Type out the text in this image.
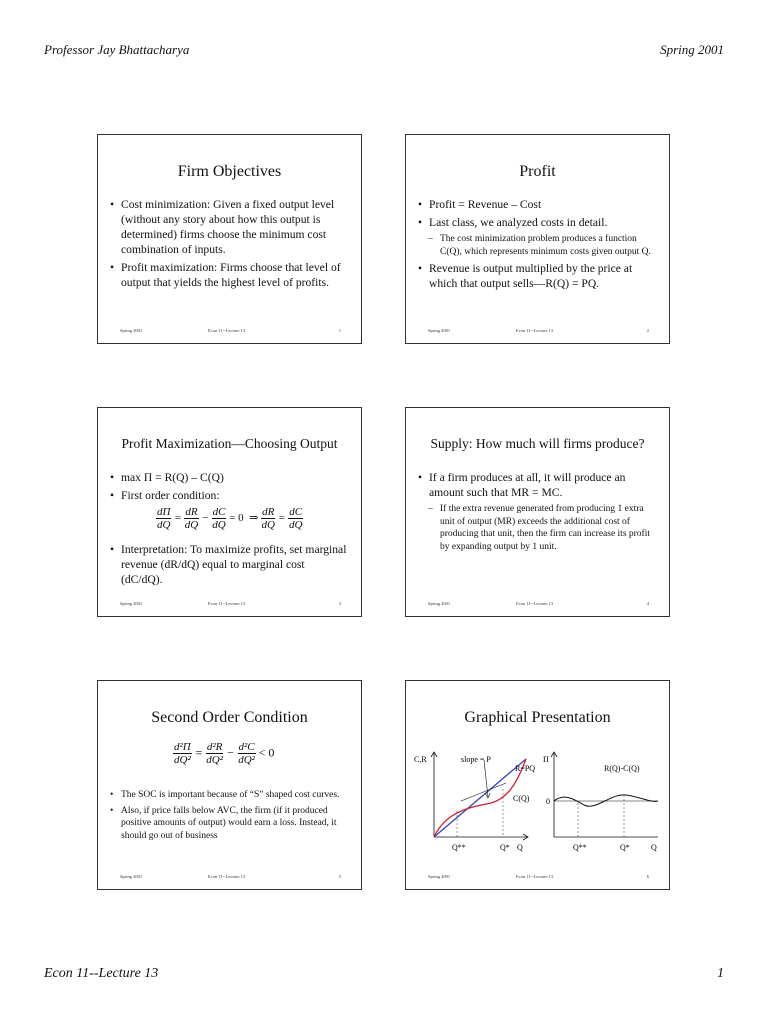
Professor Jay Bhattacharya	Spring 2001
Firm Objectives

• Cost minimization: Given a fixed output level (without any story about how this output is determined) firms choose the minimum cost combination of inputs.

• Profit maximization: Firms choose that level of output that yields the highest level of profits.

Spring 2001	Econ 11--Lecture 13	1
Profit

• Profit = Revenue – Cost

• Last class, we analyzed costs in detail.

– The cost minimization problem produces a function C(Q), which represents minimum costs given output Q.

• Revenue is output multiplied by the price at which that output sells—R(Q) = PQ.

Spring 2001	Econ 11--Lecture 13	2
Profit Maximization—Choosing Output

• max Π = R(Q) – C(Q)

• First order condition:

$\frac{d\Pi}{dQ} = \frac{dR}{dQ} - \frac{dC}{dQ} = 0$ ⇒ $\frac{dR}{dQ} = \frac{dC}{dQ}$

• Interpretation: To maximize profits, set marginal revenue (dR/dQ) equal to marginal cost (dC/dQ).

Spring 2001	Econ 11--Lecture 13	3
Supply: How much will firms produce?

• If a firm produces at all, it will produce an amount such that MR = MC.

– If the extra revenue generated from producing 1 extra unit of output (MR) exceeds the additional cost of producing that unit, then the firm can increase its profit by expanding output by 1 unit.

Spring 2001	Econ 11--Lecture 13	4
Second Order Condition
$\frac{\text{d²Π}}{\text{dQ²}} = \frac{\text{d²R}}{\text{dQ²}} - \frac{\text{d²C}}{\text{dQ²}} < 0$

• The SOC is important because of “S” shaped cost curves.

• Also, if price falls below AVC, the firm (if it produced positive amounts of output) would earn a loss. Instead, it should go out of business

Spring 2001	Econ 11--Lecture 13	5
Graphical Presentation
C,R	slope = P
R=PQ
C(Q)
Q**	Q* Q
Π
R(Q)-C(Q)
0
Q**	Q*	Q
Spring 2001	Econ 11--Lecture 13	6
Econ 11--Lecture 13	1
